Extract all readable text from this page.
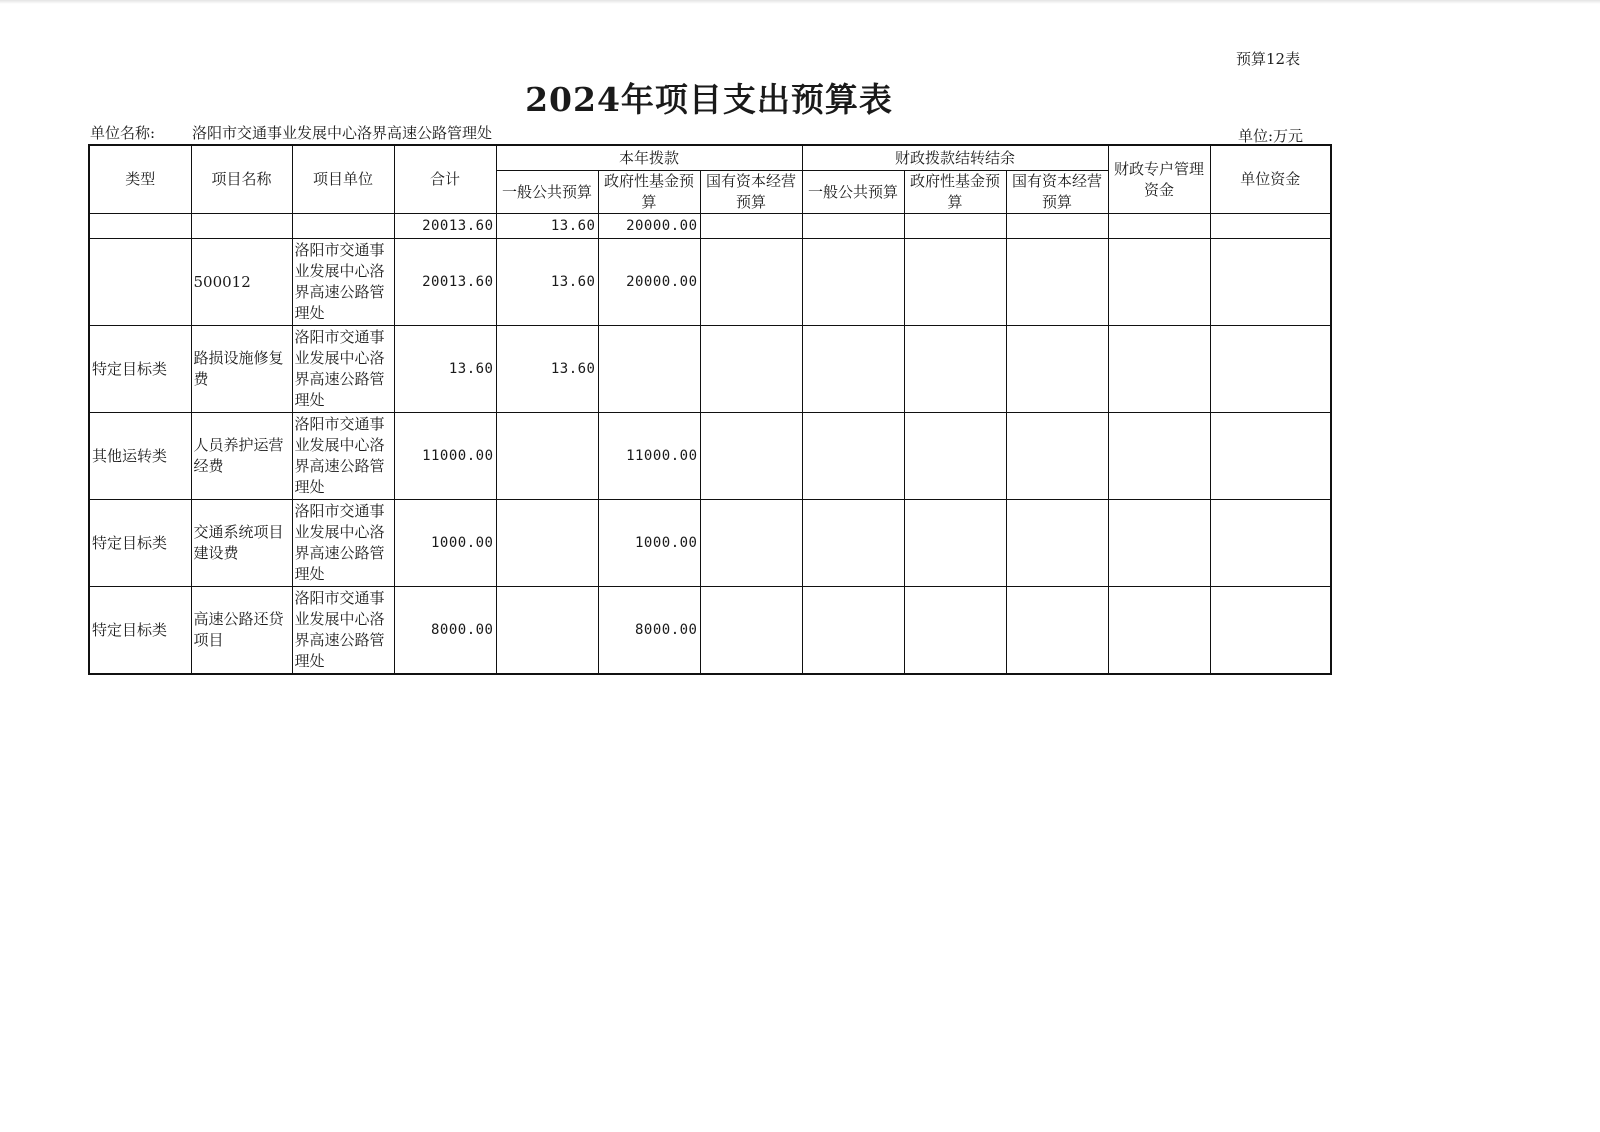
预算12表
2024年项目支出预算表
单位名称: 洛阳市交通事业发展中心洛界高速公路管理处	单位:万元
类型	项目名称	项目单位	合计	本年拨款			财政拨款结转结余			财政专户管理资金	单位资金
				一般公共预算	政府性基金预算	国有资本经营预算	一般公共预算	政府性基金预算	国有资本经营预算		
			20013.60	13.60	20000.00						
	500012	洛阳市交通事业发展中心洛界高速公路管理处	20013.60	13.60	20000.00						
特定目标类	路损设施修复费	洛阳市交通事业发展中心洛界高速公路管理处	13.60	13.60							
其他运转类	人员养护运营经费	洛阳市交通事业发展中心洛界高速公路管理处	11000.00		11000.00						
特定目标类	交通系统项目建设费	洛阳市交通事业发展中心洛界高速公路管理处	1000.00		1000.00						
特定目标类	高速公路还贷项目	洛阳市交通事业发展中心洛界高速公路管理处	8000.00		8000.00						
